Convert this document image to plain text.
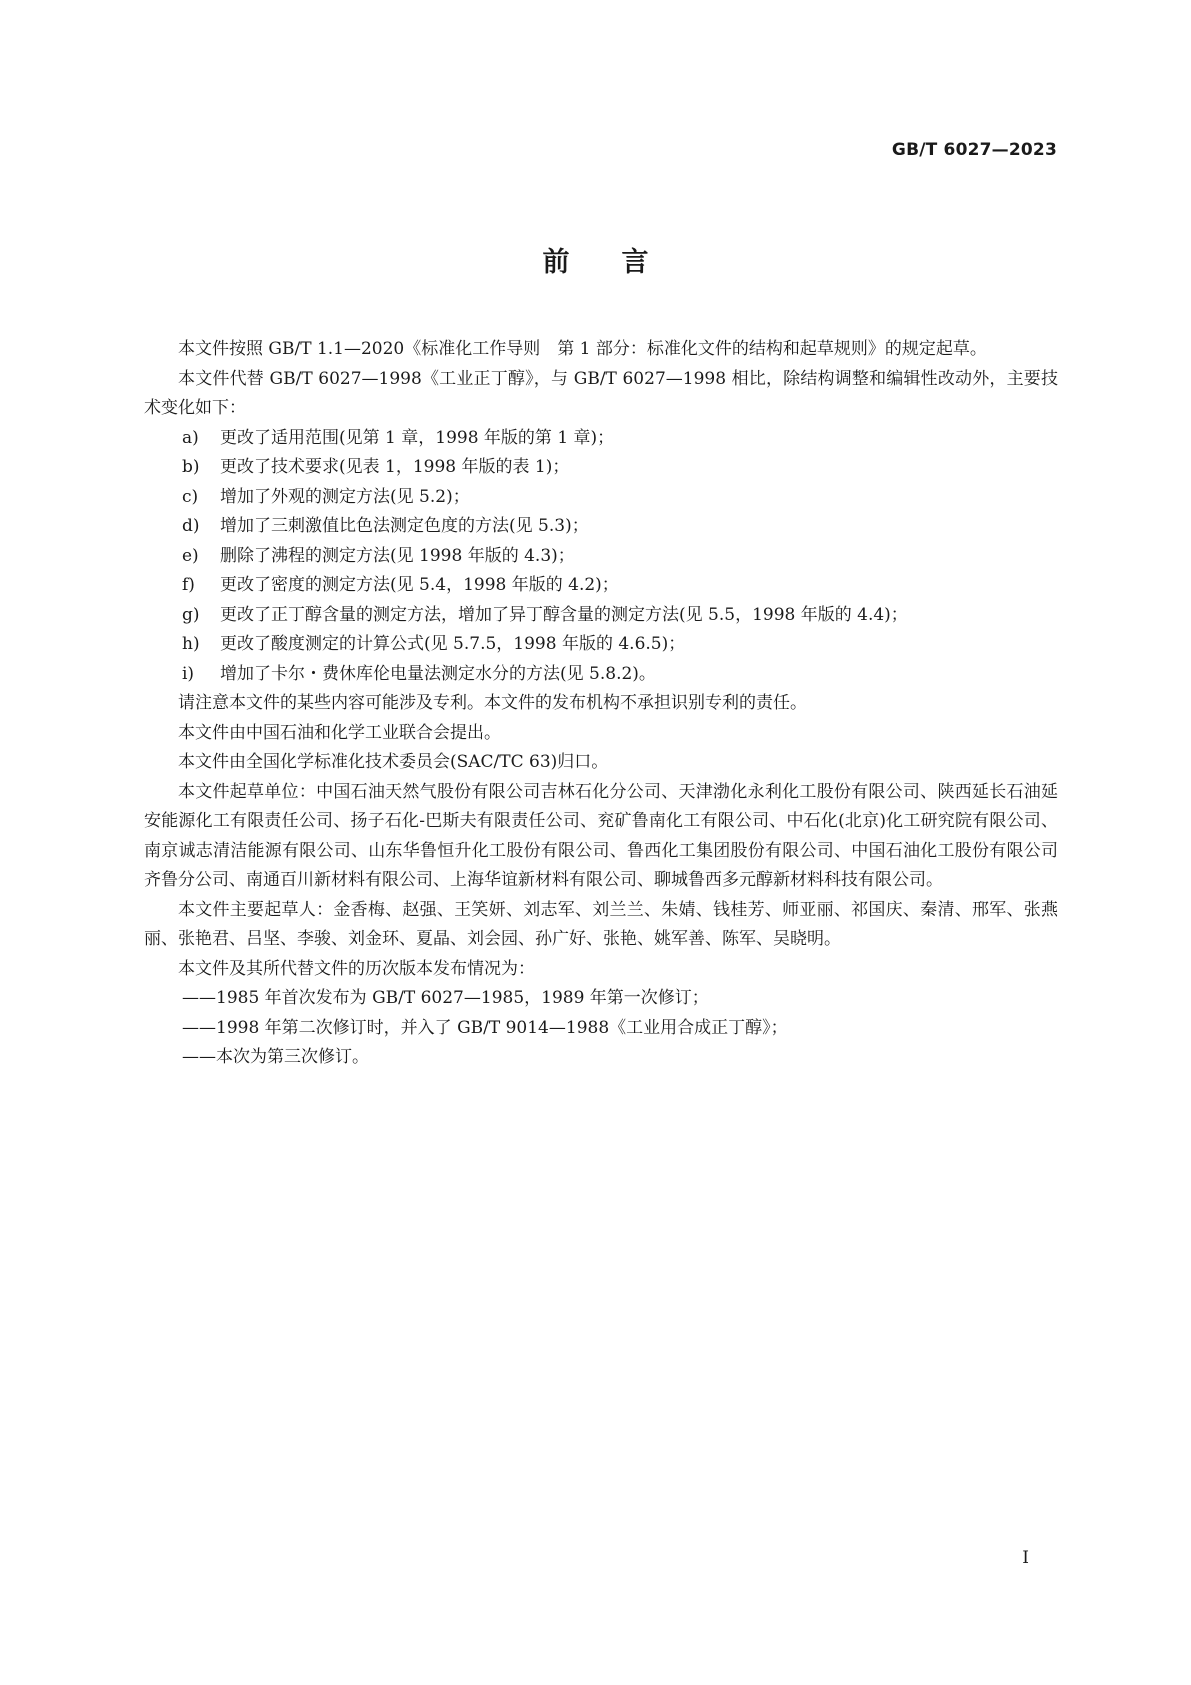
GB/T 6027—2023
前 言

本文件按照 GB/T 1.1—2020《标准化工作导则　第 1 部分：标准化文件的结构和起草规则》的规定起草。

本文件代替 GB/T 6027—1998《工业正丁醇》，与 GB/T 6027—1998 相比，除结构调整和编辑性改动外，主要技术变化如下：

a) 更改了适用范围(见第 1 章，1998 年版的第 1 章)；

b) 更改了技术要求(见表 1，1998 年版的表 1)；

c) 增加了外观的测定方法(见 5.2)；

d) 增加了三刺激值比色法测定色度的方法(见 5.3)；

e) 删除了沸程的测定方法(见 1998 年版的 4.3)；

f) 更改了密度的测定方法(见 5.4，1998 年版的 4.2)；

g) 更改了正丁醇含量的测定方法，增加了异丁醇含量的测定方法(见 5.5，1998 年版的 4.4)；

h) 更改了酸度测定的计算公式(见 5.7.5，1998 年版的 4.6.5)；

i) 增加了卡尔・费休库伦电量法测定水分的方法(见 5.8.2)。

请注意本文件的某些内容可能涉及专利。本文件的发布机构不承担识别专利的责任。

本文件由中国石油和化学工业联合会提出。

本文件由全国化学标准化技术委员会(SAC/TC 63)归口。

本文件起草单位：中国石油天然气股份有限公司吉林石化分公司、天津渤化永利化工股份有限公司、陕西延长石油延安能源化工有限责任公司、扬子石化-巴斯夫有限责任公司、兖矿鲁南化工有限公司、中石化(北京)化工研究院有限公司、南京诚志清洁能源有限公司、山东华鲁恒升化工股份有限公司、鲁西化工集团股份有限公司、中国石油化工股份有限公司齐鲁分公司、南通百川新材料有限公司、上海华谊新材料有限公司、聊城鲁西多元醇新材料科技有限公司。

本文件主要起草人：金香梅、赵强、王笑妍、刘志军、刘兰兰、朱婧、钱桂芳、师亚丽、祁国庆、秦清、邢军、张燕丽、张艳君、吕坚、李骏、刘金环、夏晶、刘会园、孙广好、张艳、姚军善、陈军、吴晓明。

本文件及其所代替文件的历次版本发布情况为：

——1985 年首次发布为 GB/T 6027—1985，1989 年第一次修订；

——1998 年第二次修订时，并入了 GB/T 9014—1988《工业用合成正丁醇》；

——本次为第三次修订。

I
